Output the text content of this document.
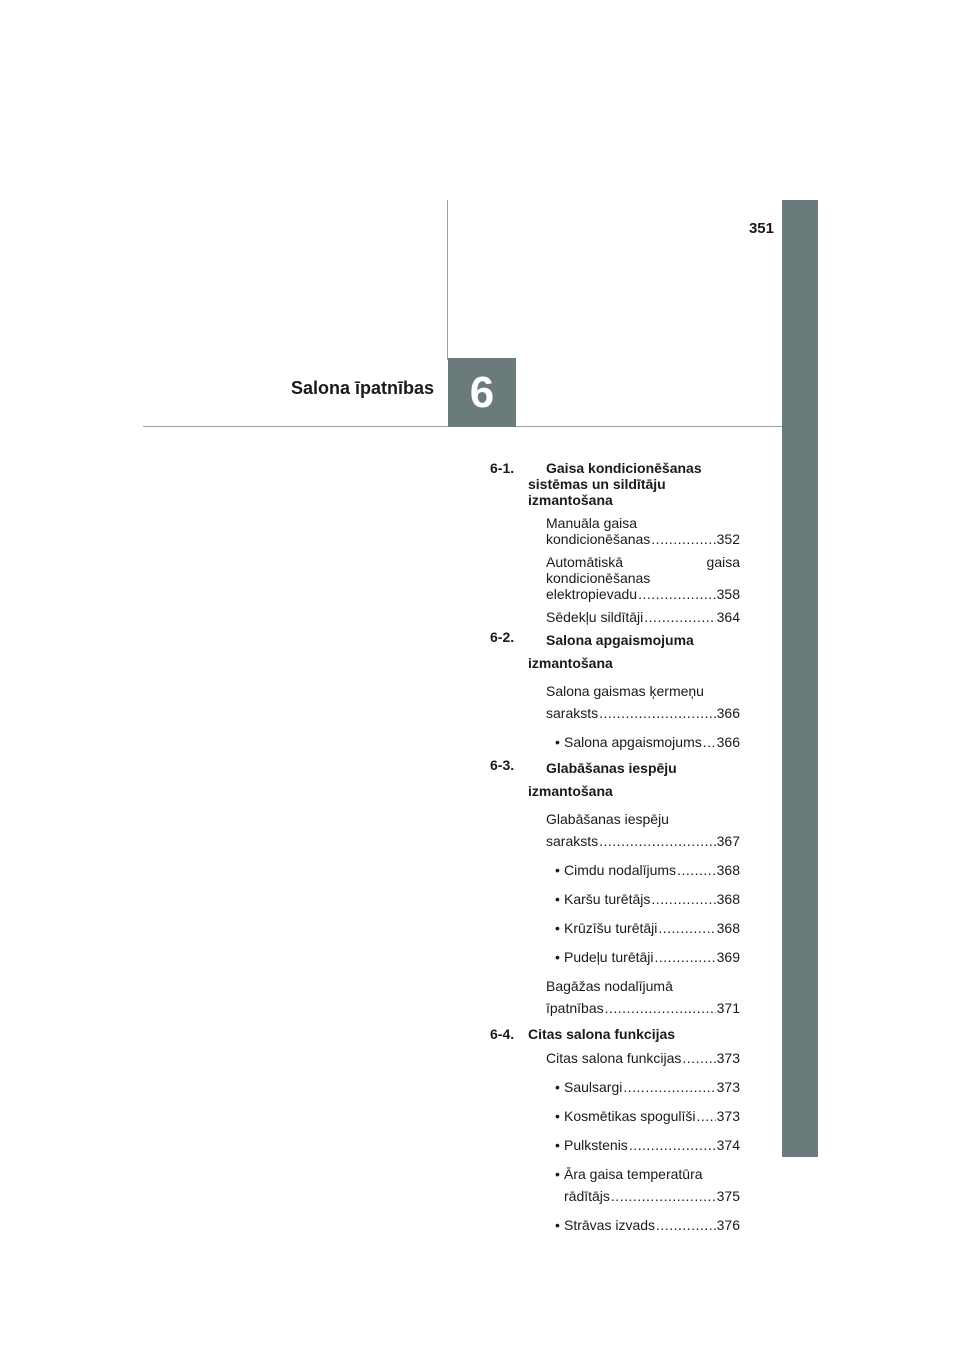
351
6
Salona īpatnības
6-1. Gaisa kondicionēšanas
sistēmas un sildītāju
izmantošana
Manuāla gaisa
kondicionēšanas .....	352
Automātiskā	gaisa
kondicionēšanas
elektropievadu .....	358
Sēdekļu sildītāji .....	364
6-2. Salona apgaismojuma
izmantošana
Salona gaismas ķermeņu
saraksts .....	366
• Salona apgaismojums ..... 366
6-3. Glabāšanas iespēju
izmantošana
Glabāšanas iespēju
saraksts .....	367
• Cimdu nodalījums .....	368
• Karšu turētājs .....	368
• Krūzīšu turētāji .....	368
• Pudeļu turētāji .....	369
Bagāžas nodalījumā
īpatnības .....	371
6-4. Citas salona funkcijas
Citas salona funkcijas .....	373
• Saulsargi .....	373
• Kosmētikas spogulīši ..... 373
• Pulkstenis .....	374
• Āra gaisa temperatūra
rādītājs .....	375
• Strāvas izvads .....	376
